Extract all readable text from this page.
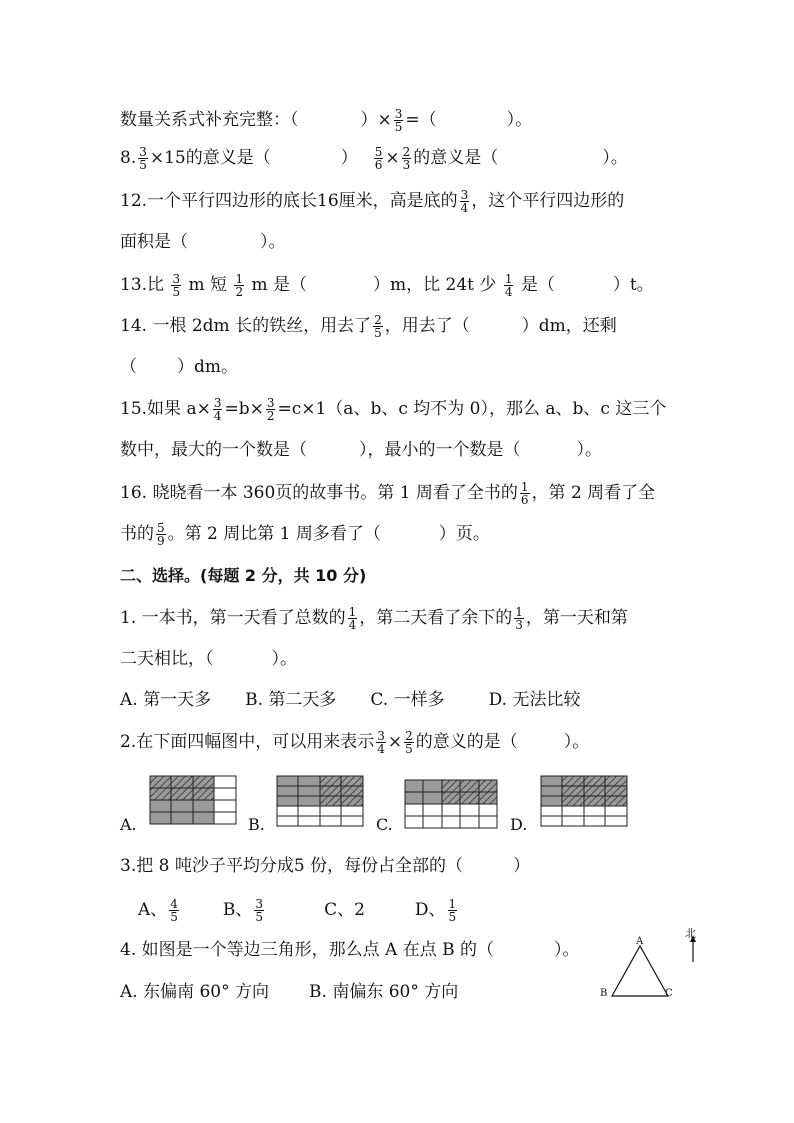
数量关系式补充完整：（	）× $\frac{3}{5}$ =（	）。
8. $\frac{3}{5} \times 15$的意义是（	） $\frac{5}{6} \times \frac{2}{3}$ 的意义是（	）。
12.一个平行四边形的底长16厘米，高是底的 $\frac{3}{4}$ ，这个平行四边形的
面积是（	）。
13.比 $\frac{3}{5}$ m 短 $\frac{1}{2}$ m 是（	）m，比 24t 少 $\frac{1}{4}$ 是（	）t。
14. 一根 2dm 长的铁丝，用去了 $\frac{2}{5}$ ，用去了（	）dm，还剩
（ ）dm。
15.如果 $a\times \frac{3}{4} =b\times \frac{3}{2} =c\times 1(a$、b、c 均不为 0），那么 a、b、c 这三个
数中，最大的一个数是（	），最小的一个数是（	）。
16. 晓晓看一本 360页的故事书。第 1 周看了全书的 $\frac{1}{6}$ ，第 2 周看了全
书的 $\frac{5}{9}$ 。第 2 周比第 1 周多看了（	）页。
二、选择。(每题 2 分，共 10 分)
1. 一本书，第一天看了总数的 $\frac{1}{4}$ ，第二天看了余下的 $\frac{1}{3}$ ，第一天和第
二天相比，（	）。
A. 第一天多 B. 第二天多 C. 一样多	D. 无法比较
2.在下面四幅图中，可以用来表示 $\frac{3}{4} \times \frac{2}{5}$ 的意义的是（	）。
A.	B.	C.	D.
3.把 8 吨沙子平均分成5 份，每份占全部的（	）
A、 $\frac{4}{5}$	B、 $\frac{3}{5}$	C、2	D、 $\frac{1}{5}$
4. 如图是一个等边三角形，那么点 A 在点 B 的（	）。
A. 东偏南 60° 方向 B. 南偏东 60° 方向
A
B	C
北
